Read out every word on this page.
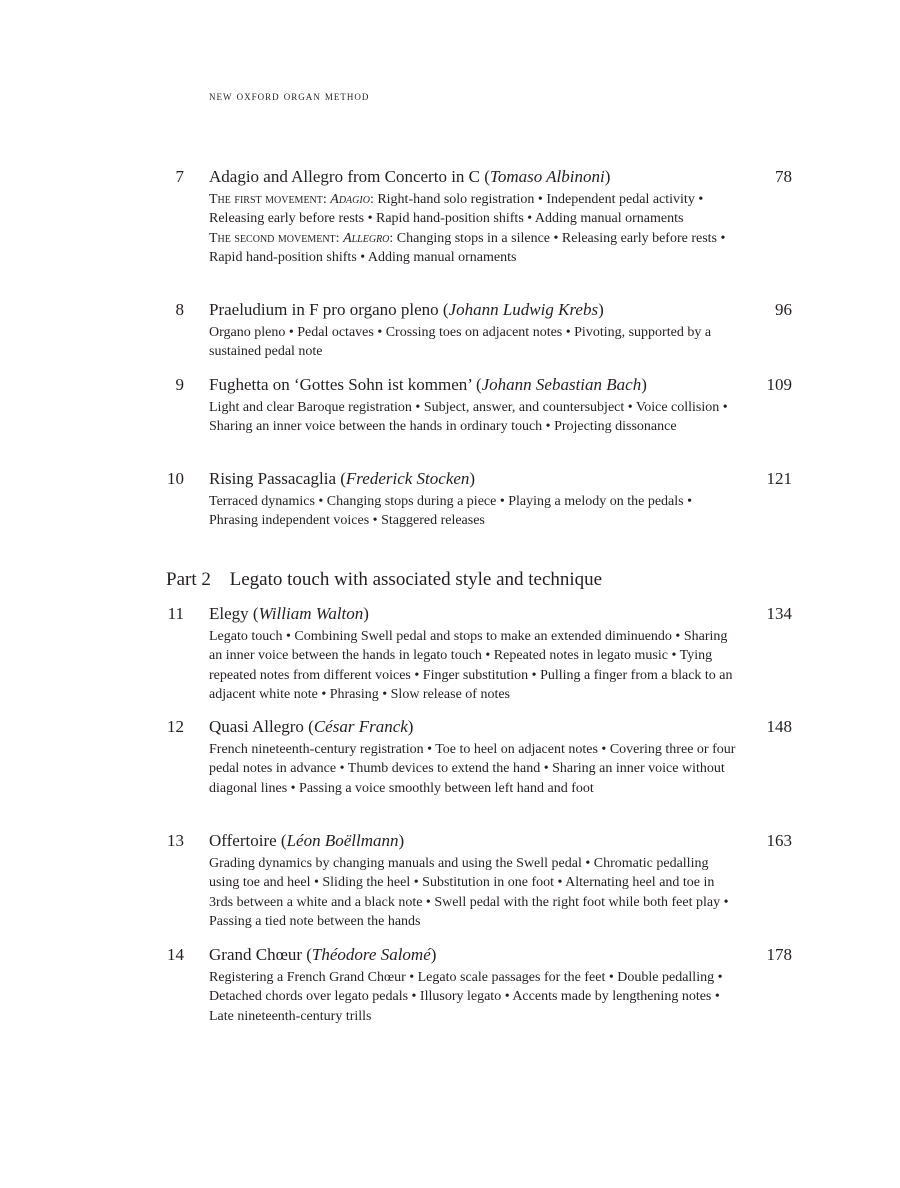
new oxford organ method
7 Adagio and Allegro from Concerto in C (Tomaso Albinoni)	78

The first movement: Adagio: Right-hand solo registration • Independent pedal activity • Releasing early before rests • Rapid hand-position shifts • Adding manual ornaments

The second movement: Allegro: Changing stops in a silence • Releasing early before rests • Rapid hand-position shifts • Adding manual ornaments

8 Praeludium in F pro organo pleno (Johann Ludwig Krebs)	96
Organo pleno • Pedal octaves • Crossing toes on adjacent notes • Pivoting, supported by a sustained pedal note
9 Fughetta on ‘Gottes Sohn ist kommen’ (Johann Sebastian Bach)	109
Light and clear Baroque registration • Subject, answer, and countersubject • Voice collision • Sharing an inner voice between the hands in ordinary touch • Projecting dissonance
10 Rising Passacaglia (Frederick Stocken)	121
Terraced dynamics • Changing stops during a piece • Playing a melody on the pedals • Phrasing independent voices • Staggered releases
Part 2 Legato touch with associated style and technique
11 Elegy (William Walton)	134
Legato touch • Combining Swell pedal and stops to make an extended diminuendo • Sharing an inner voice between the hands in legato touch • Repeated notes in legato music • Tying repeated notes from different voices • Finger substitution • Pulling a finger from a black to an adjacent white note • Phrasing • Slow release of notes
12 Quasi Allegro (César Franck)	148
French nineteenth-century registration • Toe to heel on adjacent notes • Covering three or four pedal notes in advance • Thumb devices to extend the hand • Sharing an inner voice without diagonal lines • Passing a voice smoothly between left hand and foot
13 Offertoire (Léon Boëllmann)	163
Grading dynamics by changing manuals and using the Swell pedal • Chromatic pedalling using toe and heel • Sliding the heel • Substitution in one foot • Alternating heel and toe in 3rds between a white and a black note • Swell pedal with the right foot while both feet play • Passing a tied note between the hands
14 Grand Chœur (Théodore Salomé)	178
Registering a French Grand Chœur • Legato scale passages for the feet • Double pedalling • Detached chords over legato pedals • Illusory legato • Accents made by lengthening notes • Late nineteenth-century trills
